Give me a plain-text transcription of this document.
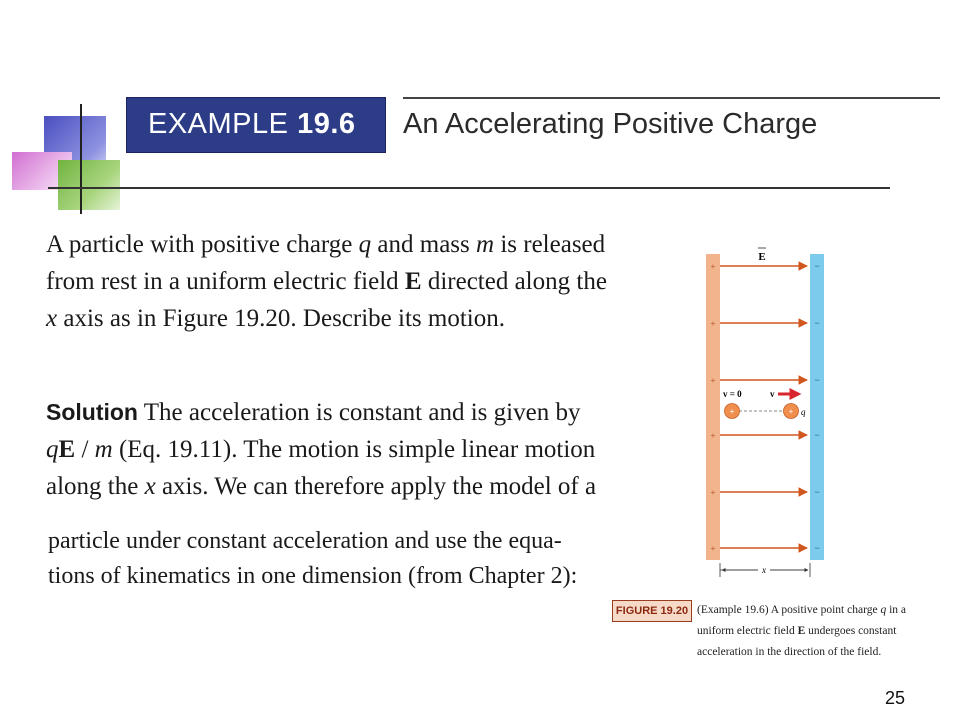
EXAMPLE 19.6 An Accelerating Positive Charge
A particle with positive charge q and mass m is released from rest in a uniform electric field E directed along the x axis as in Figure 19.20. Describe its motion.
Solution The acceleration is constant and is given by qE / m (Eq. 19.11). The motion is simple linear motion along the x axis. We can therefore apply the model of a
particle under constant acceleration and use the equa-
tions of kinematics in one dimension (from Chapter 2):
E
+
+
+
+
+
+
−
−
−
−
−
−
v = 0	v
+	+ q
x
FIGURE 19.20 (Example 19.6) A positive point charge q in a uniform electric field E undergoes constant acceleration in the direction of the field.
25
